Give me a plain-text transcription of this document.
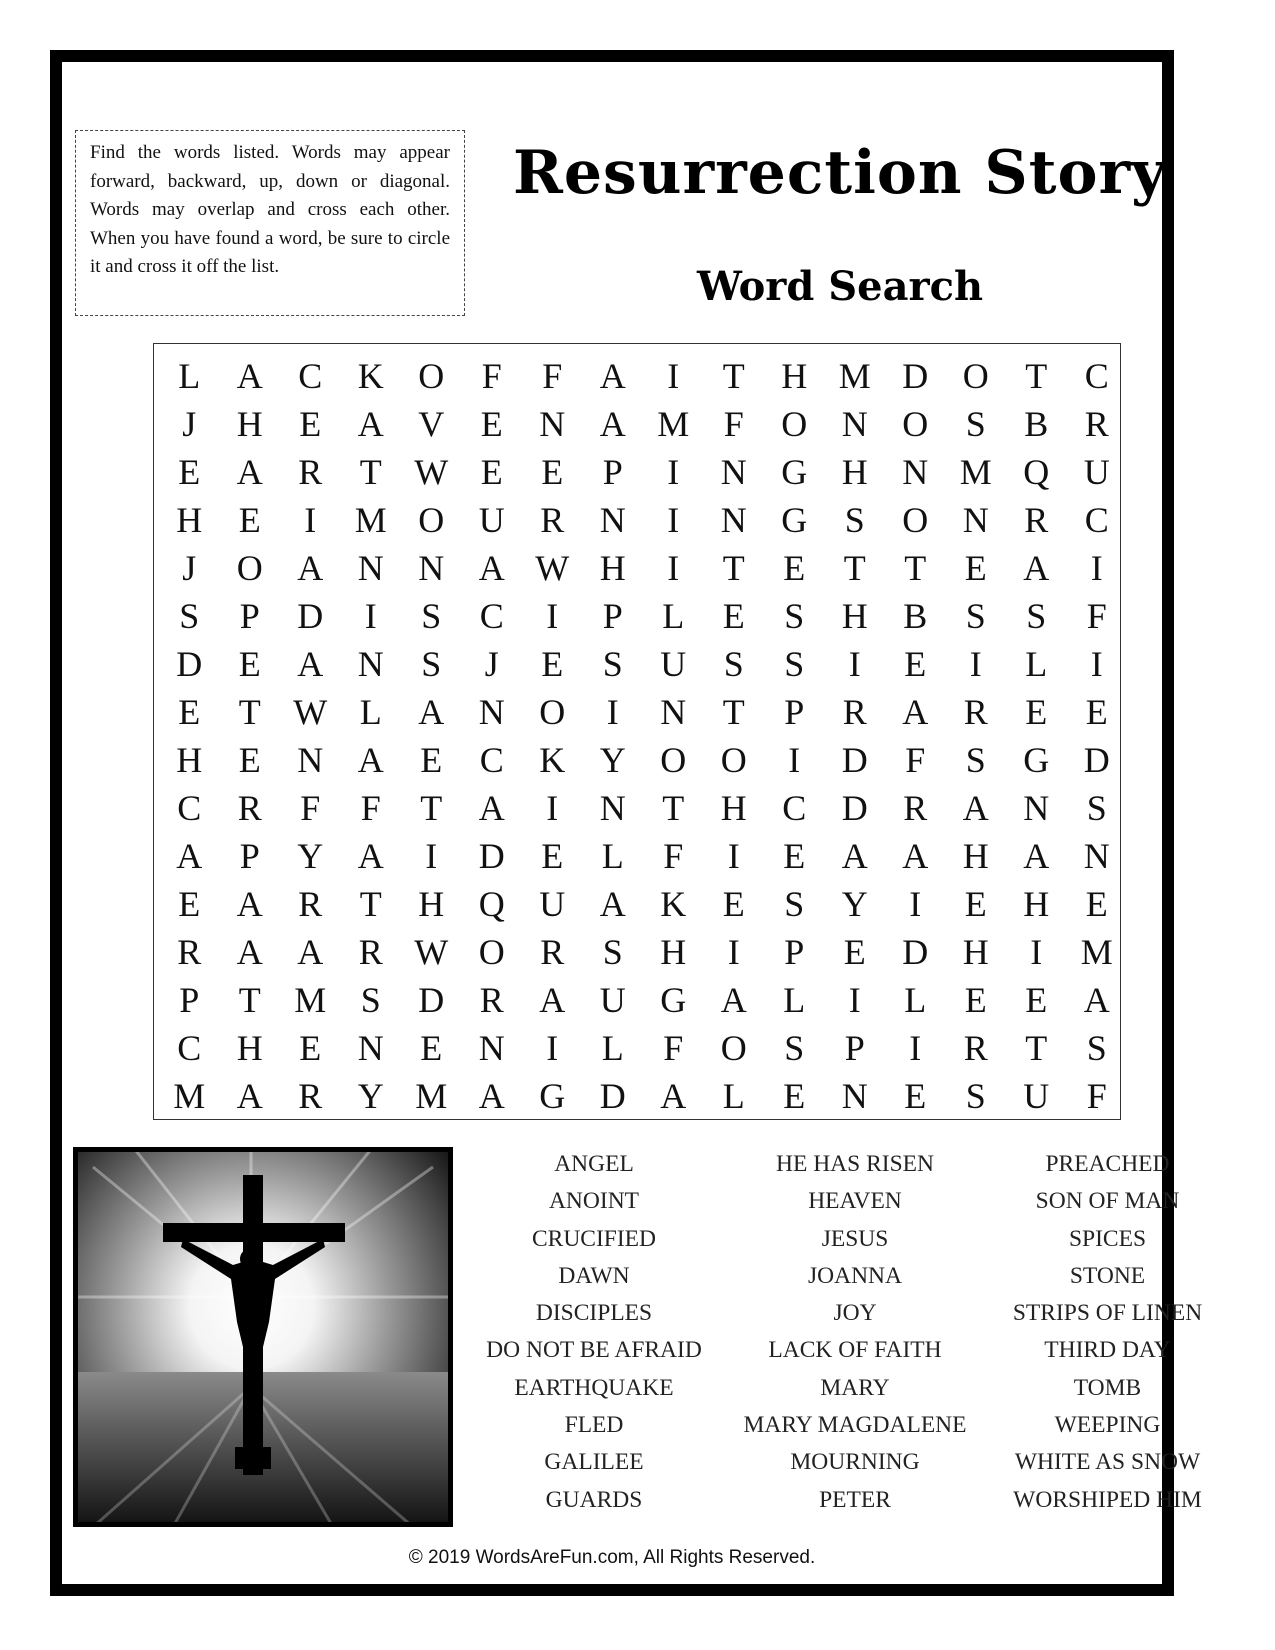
Find the words listed. Words may appear forward, backward, up, down or diagonal. Words may overlap and cross each other. When you have found a word, be sure to circle it and cross it off the list.
Resurrection Story
Word Search
L	A C K O	F	F	A	I	T	H M D O	T	C
J	H	E	A V	E	N A M F	O N O	S	B	R
E	A R	T W E	E	P	I	N G H N M Q U
H	E	I	M O U R N	I	N G	S	O N R	C
J	O A N N A W H	I	T	E	T	T	E	A	I
S	P	D	I	S	C	I	P	L	E	S	H B	S	S	F
D	E	A N	S	J	E	S	U	S	S	I	E	I	L	I
E	T W L	A N O	I	N	T	P	R A R	E	E
H	E	N A	E	C K Y O O	I	D	F	S	G D
C	R	F	F	T	A	I	N	T	H C D R A N	S
A	P	Y A	I	D	E	L	F	I	E	A A H A N
E	A R	T	H Q U A K	E	S	Y	I	E	H	E
R A A R W O R	S	H	I	P	E	D H	I	M
P	T M S	D R A U G A	L	I	L	E	E	A
C H	E	N	E	N	I	L	F	O	S	P	I	R	T	S
M A R Y M A G D A	L	E	N	E	S	U	F
ANGEL
ANOINT
CRUCIFIED
DAWN
DISCIPLES
DO NOT BE AFRAID
EARTHQUAKE
FLED
GALILEE
GUARDS
HE HAS RISEN
HEAVEN
JESUS
JOANNA
JOY
LACK OF FAITH
MARY
MARY MAGDALENE
MOURNING
PETER
PREACHED
SON OF MAN
SPICES
STONE
STRIPS OF LINEN
THIRD DAY
TOMB
WEEPING
WHITE AS SNOW
WORSHIPED HIM
© 2019 WordsAreFun.com, All Rights Reserved.
